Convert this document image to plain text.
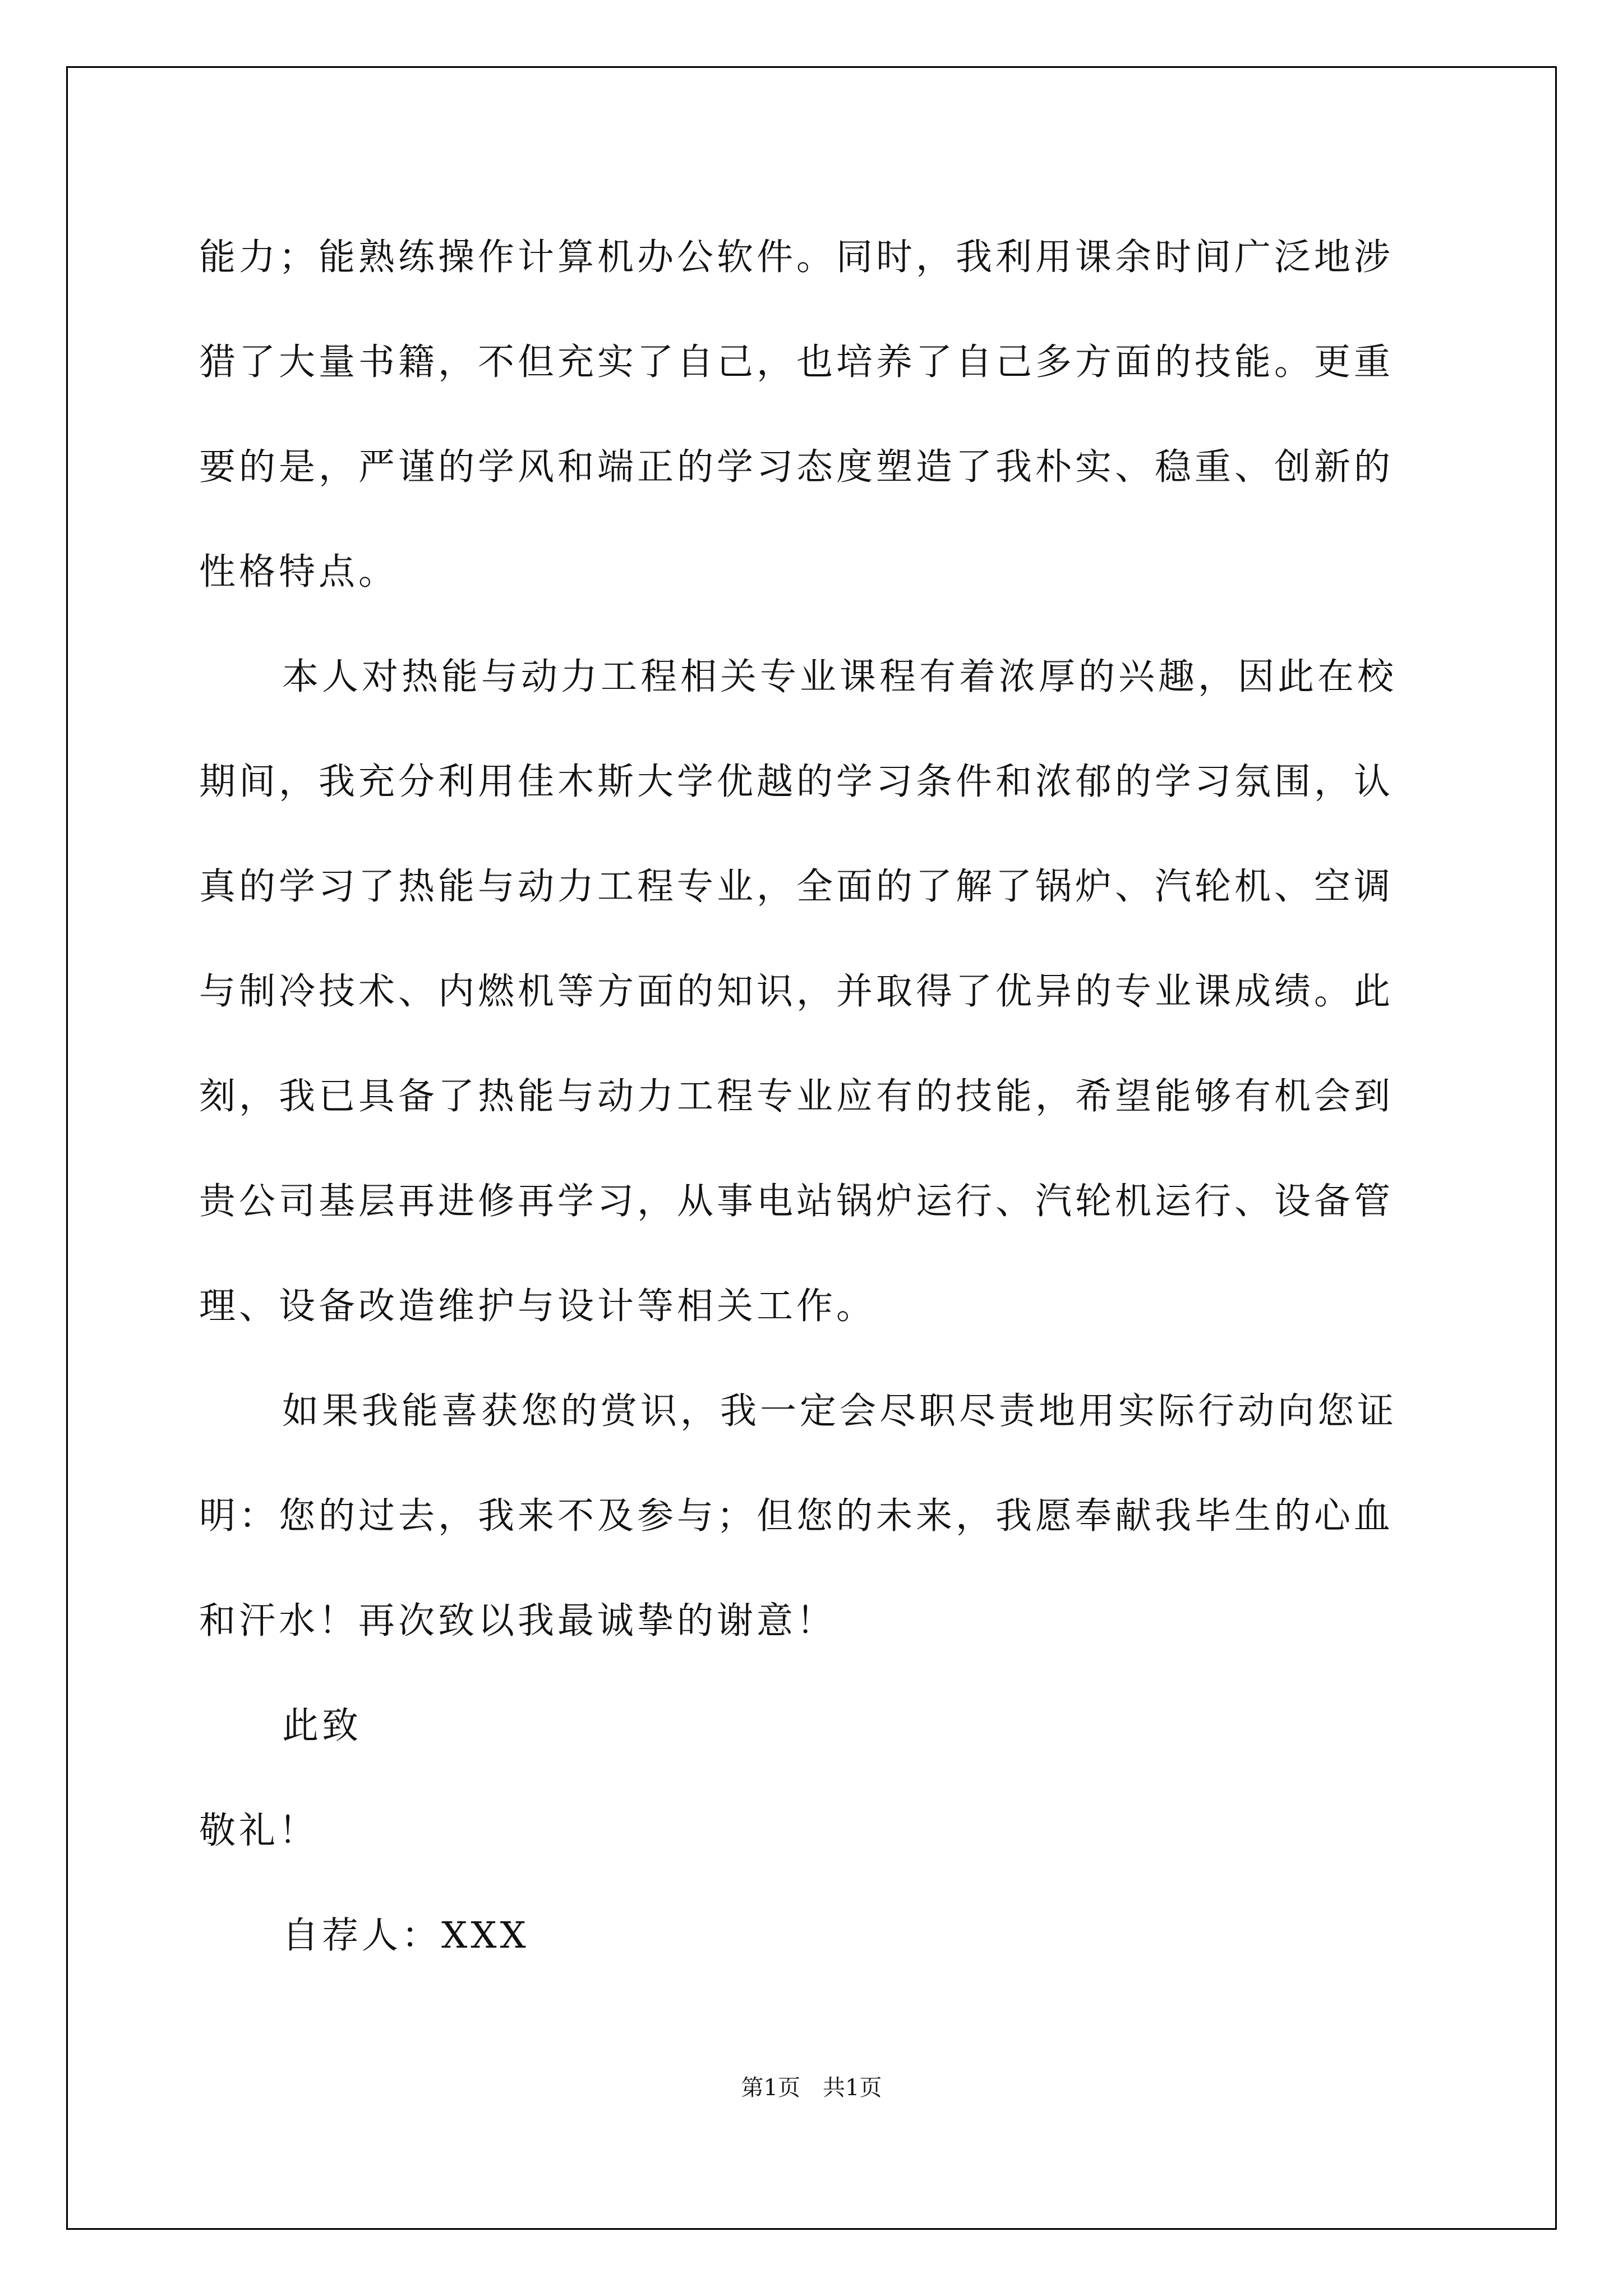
能力；能熟练操作计算机办公软件。同时，我利用课余时间广泛地涉
猎了大量书籍，不但充实了自己，也培养了自己多方面的技能。更重
要的是，严谨的学风和端正的学习态度塑造了我朴实、稳重、创新的
性格特点。
本人对热能与动力工程相关专业课程有着浓厚的兴趣，因此在校
期间，我充分利用佳木斯大学优越的学习条件和浓郁的学习氛围，认
真的学习了热能与动力工程专业，全面的了解了锅炉、汽轮机、空调
与制冷技术、内燃机等方面的知识，并取得了优异的专业课成绩。此
刻，我已具备了热能与动力工程专业应有的技能，希望能够有机会到
贵公司基层再进修再学习，从事电站锅炉运行、汽轮机运行、设备管
理、设备改造维护与设计等相关工作。
如果我能喜获您的赏识，我一定会尽职尽责地用实际行动向您证
明：您的过去，我来不及参与；但您的未来，我愿奉献我毕生的心血
和汗水！再次致以我最诚挚的谢意！
此致
敬礼！
自荐人：XXX
第1页　共1页
